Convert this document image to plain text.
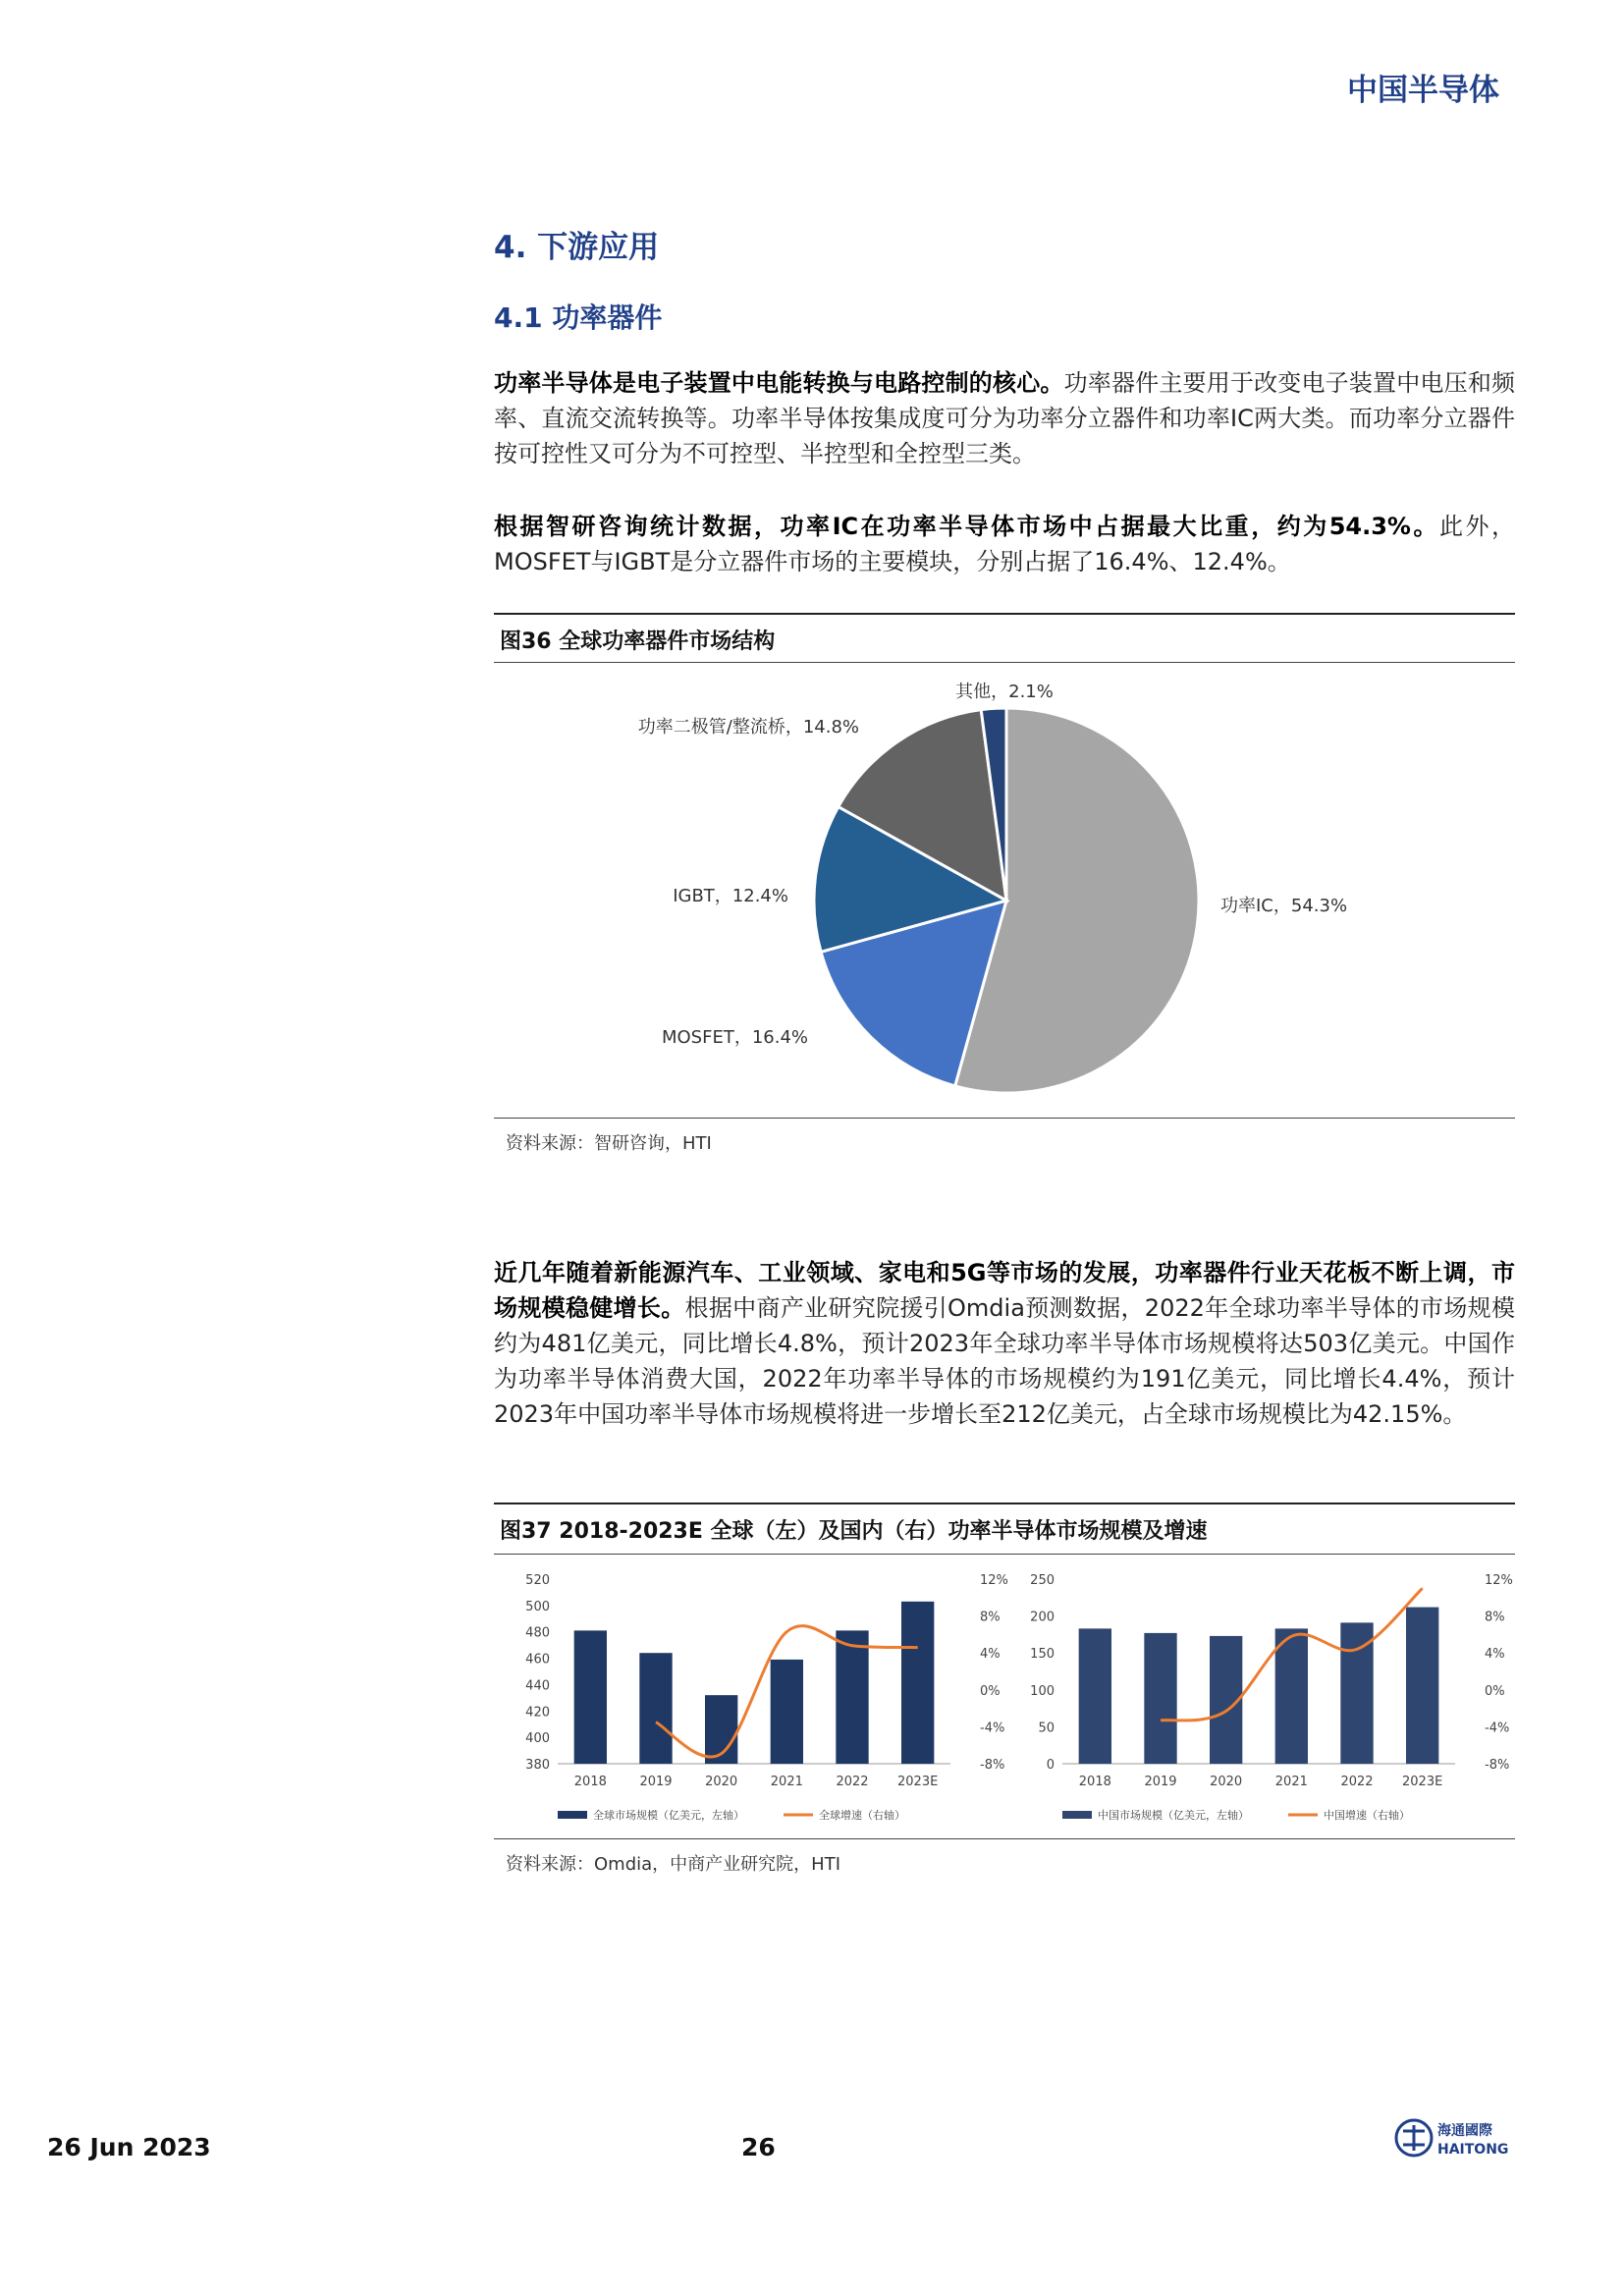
中国半导体
4. 下游应用
4.1 功率器件
功率半导体是电子装置中电能转换与电路控制的核心。功率器件主要用于改变电子装置中电压和频率、直流交流转换等。功率半导体按集成度可分为功率分立器件和功率IC两大类。而功率分立器件按可控性又可分为不可控型、半控型和全控型三类。
根据智研咨询统计数据，功率IC在功率半导体市场中占据最大比重，约为54.3%。此外，MOSFET与IGBT是分立器件市场的主要模块，分别占据了16.4%、12.4%。
图36 全球功率器件市场结构
功率IC，54.3%
MOSFET，16.4%
IGBT，12.4%
功率二极管/整流桥，14.8%
其他，2.1%
资料来源：智研咨询，HTI
近几年随着新能源汽车、工业领域、家电和5G等市场的发展，功率器件行业天花板不断上调，市场规模稳健增长。根据中商产业研究院援引Omdia预测数据，2022年全球功率半导体的市场规模约为481亿美元，同比增长4.8%，预计2023年全球功率半导体市场规模将达503亿美元。中国作为功率半导体消费大国，2022年功率半导体的市场规模约为191亿美元，同比增长4.4%，预计2023年中国功率半导体市场规模将进一步增长至212亿美元，占全球市场规模比为42.15%。
图37 2018-2023E 全球（左）及国内（右）功率半导体市场规模及增速
380
400
420
440
460
480
500
520
-8%
-4%
0%
4%
8%
12%
2018	2019	2020	2021	2022 2023E
全球市场规模（亿美元，左轴）	全球增速（右轴）
0
50
100
150
200
250
-8%
-4%
0%
4%
8%
12%
2018	2019	2020	2021	2022 2023E
中国市场规模（亿美元，左轴）	中国增速（右轴）
资料来源：Omdia，中商产业研究院，HTI
26 Jun 2023	26
海通國際
HAITONG
